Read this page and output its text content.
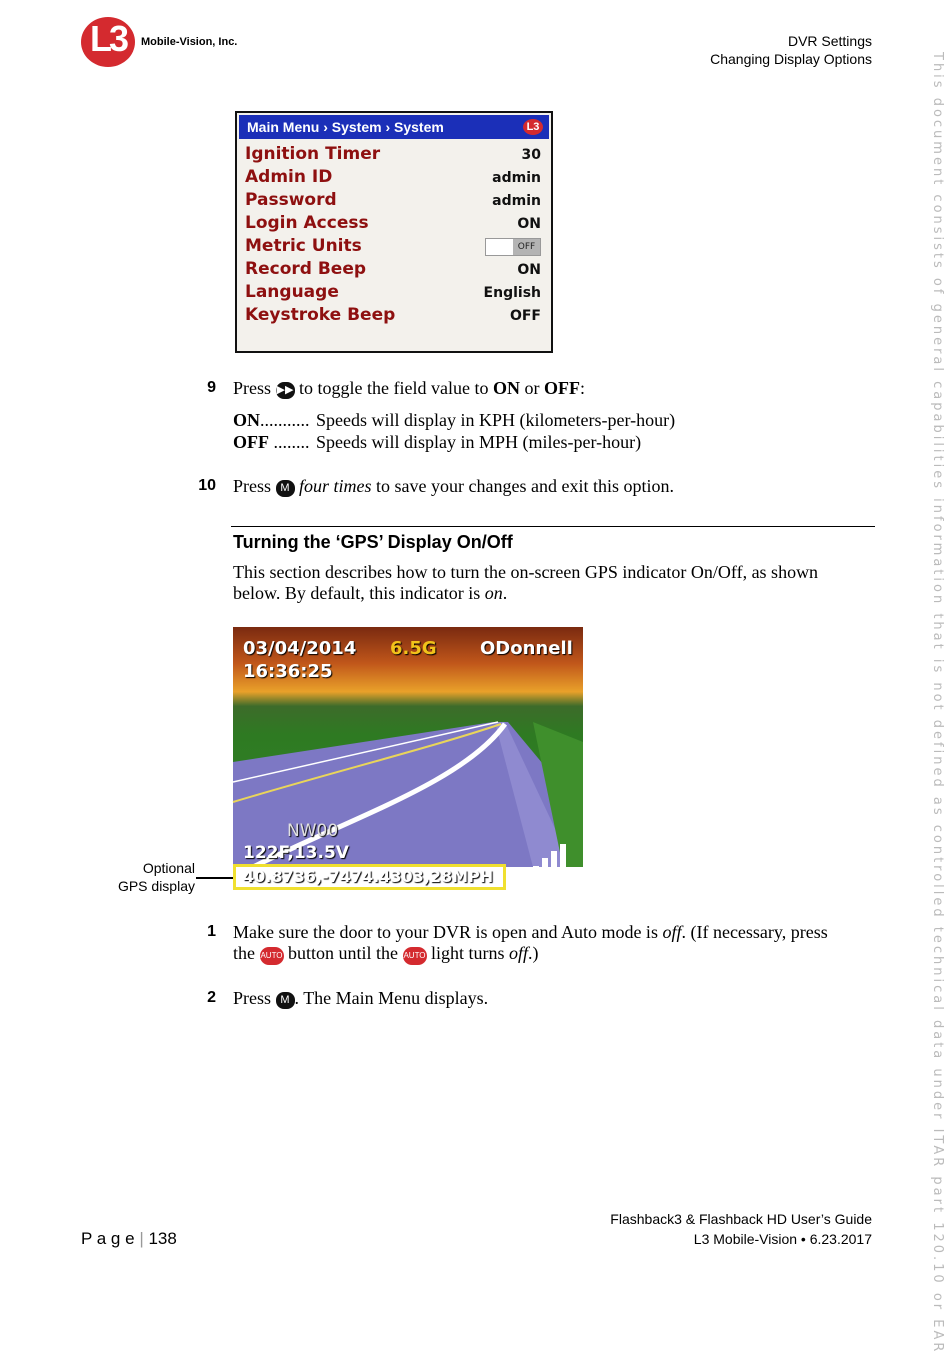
L3 Mobile-Vision, Inc.	DVR Settings
Changing Display Options	This document consists of general capabilities information that is not defined as controlled technical data under ITAR part 120.10 or EAR
Main Menu › System › System	L3
Ignition Timer	30
Admin ID	admin
Password	admin
Login Access	ON
Metric Units	OFF
Record Beep	ON
Language	English
Keystroke Beep	OFF
9 Press ▶▶ to toggle the field value to ON or OFF:
ON........... Speeds will display in KPH (kilometers-per-hour)
OFF ........ Speeds will display in MPH (miles-per-hour)
10 Press M four times to save your changes and exit this option.
Turning the ‘GPS’ Display On/Off
This section describes how to turn the on-screen GPS indicator On/Off, as shown
below. By default, this indicator is on.
03/04/2014 6.5G ODonnell
16:36:25
NW00
122F,13.5V
40.8736,-7474.4303,28MPH
Optional
GPS display
1 Make sure the door to your DVR is open and Auto mode is off. (If necessary, press
the AUTO button until the AUTO light turns off.)
2 Press M . The Main Menu displays.
P a g e | 138
Flashback3 & Flashback HD User’s Guide
L3 Mobile-Vision • 6.23.2017
